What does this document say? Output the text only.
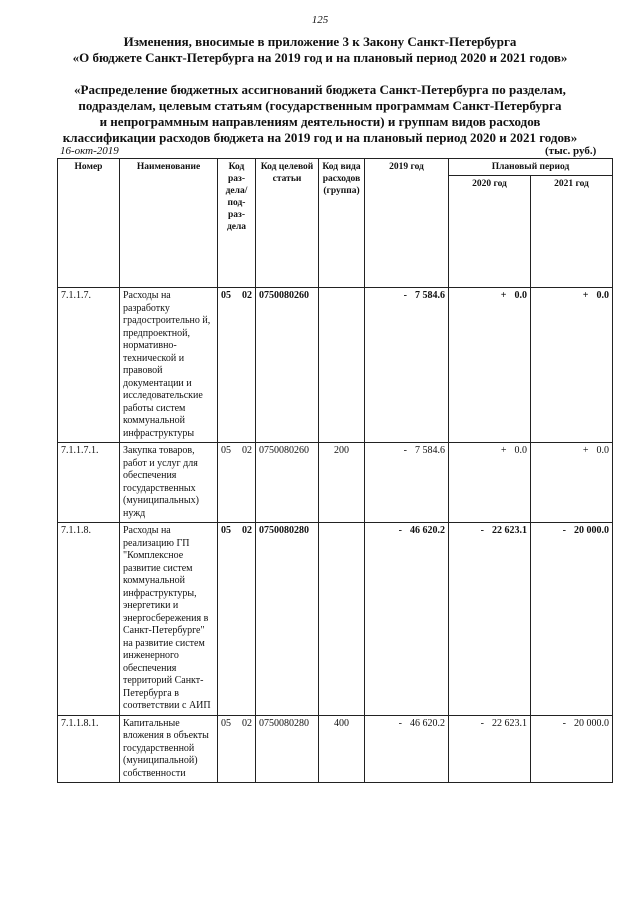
125
Изменения, вносимые в приложение 3 к Закону Санкт-Петербурга
«О бюджете Санкт-Петербурга на 2019 год и на плановый период 2020 и 2021 годов»
«Распределение бюджетных ассигнований бюджета Санкт-Петербурга по разделам,
подразделам, целевым статьям (государственным программам Санкт-Петербурга
и непрограммным направлениям деятельности) и группам видов расходов
классификации расходов бюджета на 2019 год и на плановый период 2020 и 2021 годов»
16-окт-2019	(тыс. руб.)
Номер	Наименование	Код раз- дела/ под- раз- дела	Код целевой статьи	Код вида расходов (группа)	2019 год	Плановый период	
						2020 год	2021 год
7.1.1.7.	Расходы на разработку градостроительно й, предпроектной, нормативно-технической и правовой документации и исследовательские работы систем коммунальной инфраструктуры	05 02	0750080260		- 7 584.6	+ 0.0	+ 0.0
7.1.1.7.1.	Закупка товаров, работ и услуг для обеспечения государственных (муниципальных) нужд	05 02	0750080260	200	- 7 584.6	+ 0.0	+ 0.0
7.1.1.8.	Расходы на реализацию ГП "Комплексное развитие систем коммунальной инфраструктуры, энергетики и энергосбережения в Санкт-Петербурге" на развитие систем инженерного обеспечения территорий Санкт-Петербурга в соответствии с АИП	05 02	0750080280		- 46 620.2	- 22 623.1	- 20 000.0
7.1.1.8.1.	Капитальные вложения в объекты государственной (муниципальной) собственности	05 02	0750080280	400	- 46 620.2	- 22 623.1	- 20 000.0
